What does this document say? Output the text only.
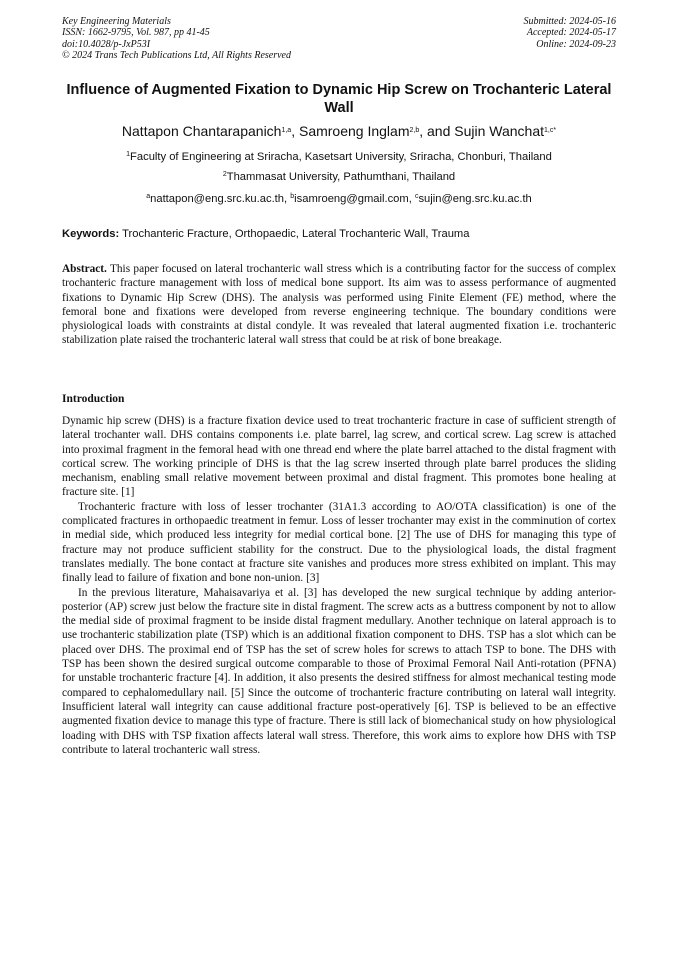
Key Engineering Materials
ISSN: 1662-9795, Vol. 987, pp 41-45
doi:10.4028/p-JxP53I
© 2024 Trans Tech Publications Ltd, All Rights Reserved
Submitted: 2024-05-16
Accepted: 2024-05-17
Online: 2024-09-23
Influence of Augmented Fixation to Dynamic Hip Screw on Trochanteric Lateral Wall
Nattapon Chantarapanich$^{1,a}$, Samroeng Inglam$^{2,b}$, and Sujin Wanchat$^{1,c*}$
$^1$Faculty of Engineering at Sriracha, Kasetsart University, Sriracha, Chonburi, Thailand
$^2$Thammasat University, Pathumthani, Thailand
$^a$nattapon@eng.src.ku.ac.th, $^b$isamroeng@gmail.com, $^c$sujin@eng.src.ku.ac.th
Keywords: Trochanteric Fracture, Orthopaedic, Lateral Trochanteric Wall, Trauma
Abstract. This paper focused on lateral trochanteric wall stress which is a contributing factor for the success of complex trochanteric fracture management with loss of medical bone support. Its aim was to assess performance of augmented fixations to Dynamic Hip Screw (DHS). The analysis was performed using Finite Element (FE) method, where the femoral bone and fixations were developed from reverse engineering technique. The boundary conditions were physiological loads with constraints at distal condyle. It was revealed that lateral augmented fixation i.e. trochanteric stabilization plate raised the trochanteric lateral wall stress that could be at risk of bone breakage.
Introduction

Dynamic hip screw (DHS) is a fracture fixation device used to treat trochanteric fracture in case of sufficient strength of lateral trochanter wall. DHS contains components i.e. plate barrel, lag screw, and cortical screw. Lag screw is attached into proximal fragment in the femoral head with one thread end where the plate barrel attached to the distal fragment with cortical screw. The working principle of DHS is that the lag screw inserted through plate barrel produces the sliding mechanism, enabling small relative movement between proximal and distal fragment. This promotes bone healing at fracture site. [1]

Trochanteric fracture with loss of lesser trochanter (31A1.3 according to AO/OTA classification) is one of the complicated fractures in orthopaedic treatment in femur. Loss of lesser trochanter may exist in the comminution of cortex in medial side, which produced less integrity for medial cortical bone. [2] The use of DHS for managing this type of fracture may not produce sufficient stability for the construct. Due to the physiological loads, the distal fragment translates medially. The bone contact at fracture site vanishes and produces more stress exhibited on implant. This may finally lead to failure of fixation and bone non-union. [3]

In the previous literature, Mahaisavariya et al. [3] has developed the new surgical technique by adding anterior-posterior (AP) screw just below the fracture site in distal fragment. The screw acts as a buttress component by not to allow the medial side of proximal fragment to be inside distal fragment medullary. Another technique on lateral approach is to use trochanteric stabilization plate (TSP) which is an additional fixation component to DHS. TSP has a slot which can be placed over DHS. The proximal end of TSP has the set of screw holes for screws to attach TSP to bone. The DHS with TSP has been shown the desired surgical outcome comparable to those of Proximal Femoral Nail Anti-rotation (PFNA) for unstable trochanteric fracture [4]. In addition, it also presents the desired stiffness for almost mechanical testing mode compared to cephalomedullary nail. [5] Since the outcome of trochanteric fracture contributing on lateral wall integrity. Insufficient lateral wall integrity can cause additional fracture post-operatively [6]. TSP is believed to be an effective augmented fixation device to manage this type of fracture. There is still lack of biomechanical study on how physiological loading with DHS with TSP fixation affects lateral wall stress. Therefore, this work aims to explore how DHS with TSP contribute to lateral trochanteric wall stress.
